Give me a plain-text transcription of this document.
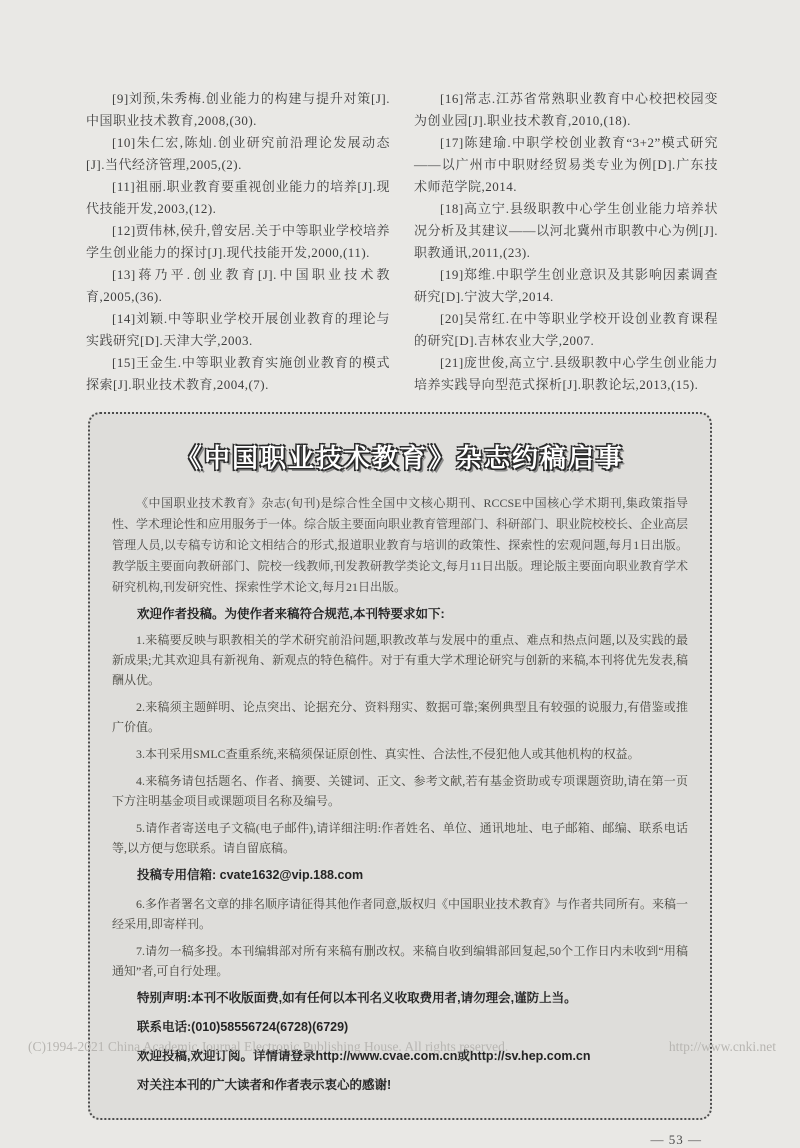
[9]刘预,朱秀梅.创业能力的构建与提升对策[J].中国职业技术教育,2008,(30).

[10]朱仁宏,陈灿.创业研究前沿理论发展动态[J].当代经济管理,2005,(2).

[11]祖丽.职业教育要重视创业能力的培养[J].现代技能开发,2003,(12).

[12]贾伟林,侯升,曾安居.关于中等职业学校培养学生创业能力的探讨[J].现代技能开发,2000,(11).

[13]蒋乃平.创业教育[J].中国职业技术教育,2005,(36).

[14]刘颖.中等职业学校开展创业教育的理论与实践研究[D].天津大学,2003.

[15]王金生.中等职业教育实施创业教育的模式探索[J].职业技术教育,2004,(7).

[16]常志.江苏省常熟职业教育中心校把校园变为创业园[J].职业技术教育,2010,(18).

[17]陈建瑜.中职学校创业教育“3+2”模式研究——以广州市中职财经贸易类专业为例[D].广东技术师范学院,2014.

[18]高立宁.县级职教中心学生创业能力培养状况分析及其建议——以河北冀州市职教中心为例[J].职教通讯,2011,(23).

[19]郑维.中职学生创业意识及其影响因素调查研究[D].宁波大学,2014.

[20]吴常红.在中等职业学校开设创业教育课程的研究[D].吉林农业大学,2007.

[21]庞世俊,高立宁.县级职教中心学生创业能力培养实践导向型范式探析[J].职教论坛,2013,(15).

《中国职业技术教育》杂志约稿启事

《中国职业技术教育》杂志(旬刊)是综合性全国中文核心期刊、RCCSE中国核心学术期刊,集政策指导性、学术理论性和应用服务于一体。综合版主要面向职业教育管理部门、科研部门、职业院校校长、企业高层管理人员,以专稿专访和论文相结合的形式,报道职业教育与培训的政策性、探索性的宏观问题,每月1日出版。教学版主要面向教研部门、院校一线教师,刊发教研教学类论文,每月11日出版。理论版主要面向职业教育学术研究机构,刊发研究性、探索性学术论文,每月21日出版。

欢迎作者投稿。为使作者来稿符合规范,本刊特要求如下:

1.来稿要反映与职教相关的学术研究前沿问题,职教改革与发展中的重点、难点和热点问题,以及实践的最新成果;尤其欢迎具有新视角、新观点的特色稿件。对于有重大学术理论研究与创新的来稿,本刊将优先发表,稿酬从优。

2.来稿须主题鲜明、论点突出、论据充分、资料翔实、数据可靠;案例典型且有较强的说服力,有借鉴或推广价值。

3.本刊采用SMLC查重系统,来稿须保证原创性、真实性、合法性,不侵犯他人或其他机构的权益。

4.来稿务请包括题名、作者、摘要、关键词、正文、参考文献,若有基金资助或专项课题资助,请在第一页下方注明基金项目或课题项目名称及编号。

5.请作者寄送电子文稿(电子邮件),请详细注明:作者姓名、单位、通讯地址、电子邮箱、邮编、联系电话等,以方便与您联系。请自留底稿。

投稿专用信箱: cvate1632@vip.188.com

6.多作者署名文章的排名顺序请征得其他作者同意,版权归《中国职业技术教育》与作者共同所有。来稿一经采用,即寄样刊。

7.请勿一稿多投。本刊编辑部对所有来稿有删改权。来稿自收到编辑部回复起,50个工作日内未收到“用稿通知”者,可自行处理。

特别声明:本刊不收版面费,如有任何以本刊名义收取费用者,请勿理会,谨防上当。

联系电话:(010)58556724(6728)(6729)

欢迎投稿,欢迎订阅。详情请登录http://www.cvae.com.cn或http://sv.hep.com.cn

对关注本刊的广大读者和作者表示衷心的感谢!

— 53 —
(C)1994-2021 China Academic Journal Electronic Publishing House. All rights reserved.	http://www.cnki.net
